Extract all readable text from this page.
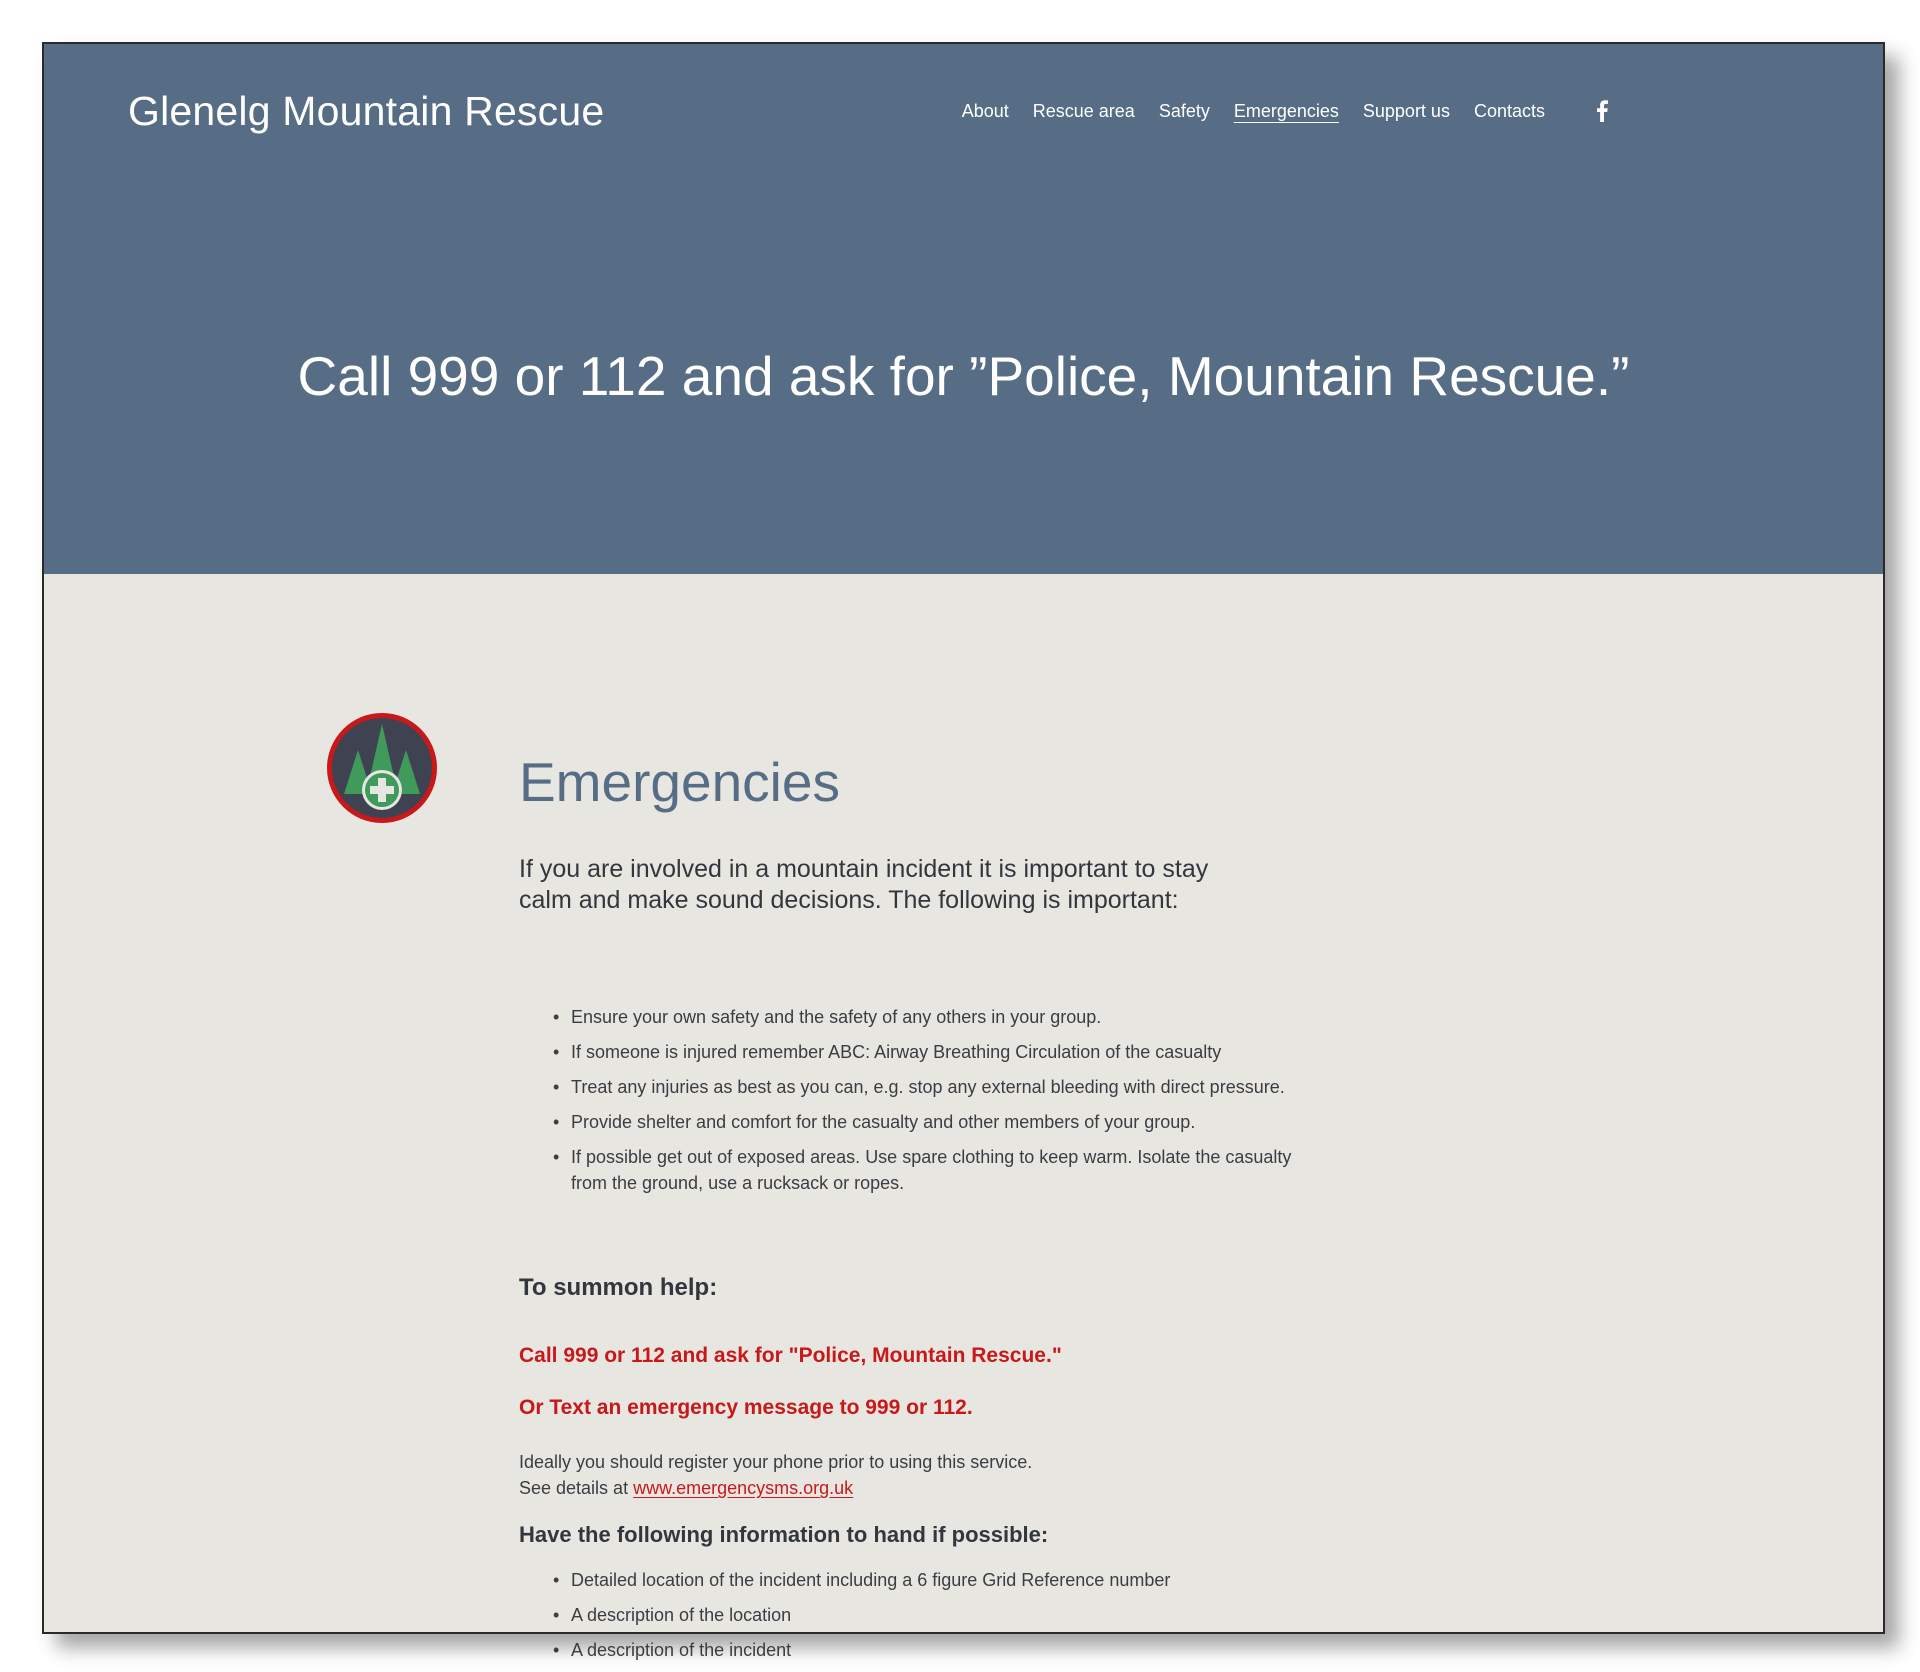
Glenelg Mountain Rescue	About Rescue area Safety Emergencies Support us Contacts
Call 999 or 112 and ask for ”Police, Mountain Rescue.”
Emergencies

If you are involved in a mountain incident it is important to stay calm and make sound decisions. The following is important:

• Ensure your own safety and the safety of any others in your group.
• If someone is injured remember ABC: Airway Breathing Circulation of the casualty
• Treat any injuries as best as you can, e.g. stop any external bleeding with direct pressure.
• Provide shelter and comfort for the casualty and other members of your group.
• If possible get out of exposed areas. Use spare clothing to keep warm. Isolate the casualty from the ground, use a rucksack or ropes.
To summon help:

Call 999 or 112 and ask for "Police, Mountain Rescue."

Or Text an emergency message to 999 or 112.

Ideally you should register your phone prior to using this service.
See details at www.emergencysms.org.uk

Have the following information to hand if possible:
• Detailed location of the incident including a 6 figure Grid Reference number
• A description of the location
• A description of the incident
